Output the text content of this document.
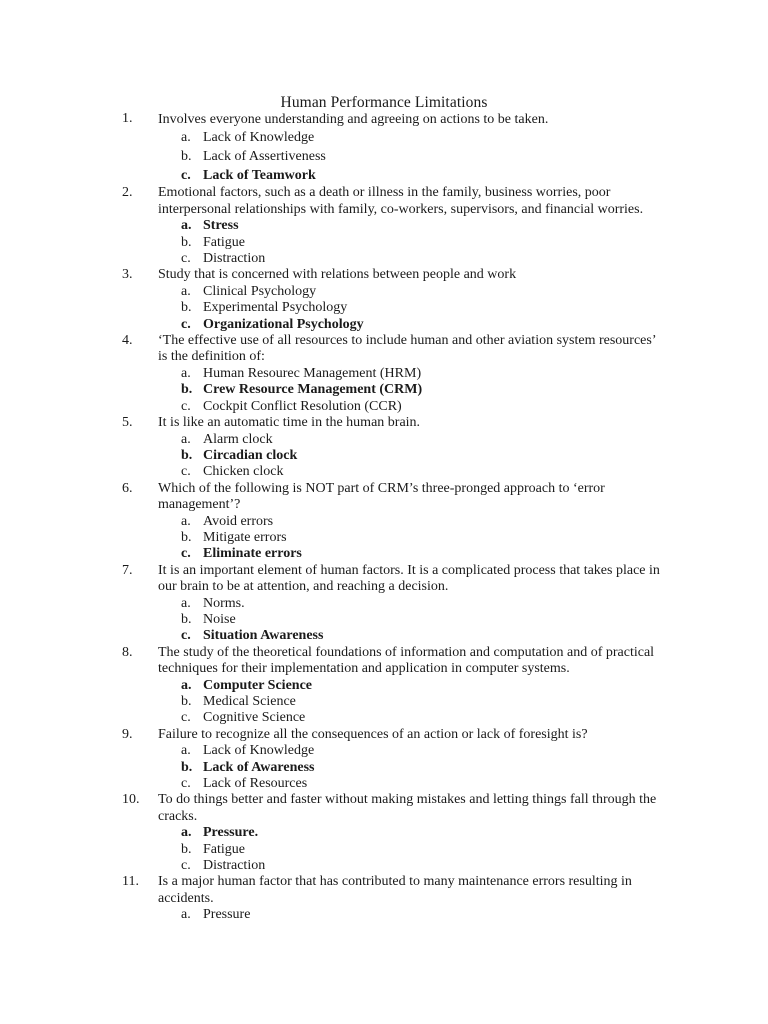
Human Performance Limitations
1.	Involves everyone understanding and agreeing on actions to be taken.
a. Lack of Knowledge
b. Lack of Assertiveness
c. Lack of Teamwork
2.	Emotional factors, such as a death or illness in the family, business worries, poor interpersonal relationships with family, co-workers, supervisors, and financial worries.
a. Stress
b. Fatigue
c. Distraction
3.	Study that is concerned with relations between people and work
a. Clinical Psychology
b. Experimental Psychology
c. Organizational Psychology
4.	‘The effective use of all resources to include human and other aviation system resources’ is the definition of:
a. Human Resourec Management (HRM)
b. Crew Resource Management (CRM)
c. Cockpit Conflict Resolution (CCR)
5.	It is like an automatic time in the human brain.
a. Alarm clock
b. Circadian clock
c. Chicken clock
6.	Which of the following is NOT part of CRM’s three-pronged approach to ‘error management’?
a. Avoid errors
b. Mitigate errors
c. Eliminate errors
7.	It is an important element of human factors. It is a complicated process that takes place in our brain to be at attention, and reaching a decision.
a. Norms.
b. Noise
c. Situation Awareness
8.	The study of the theoretical foundations of information and computation and of practical techniques for their implementation and application in computer systems.
a. Computer Science
b. Medical Science
c. Cognitive Science
9.	Failure to recognize all the consequences of an action or lack of foresight is?
a. Lack of Knowledge
b. Lack of Awareness
c. Lack of Resources
10.	To do things better and faster without making mistakes and letting things fall through the cracks.
a. Pressure.
b. Fatigue
c. Distraction
11.	Is a major human factor that has contributed to many maintenance errors resulting in accidents.
a. Pressure
